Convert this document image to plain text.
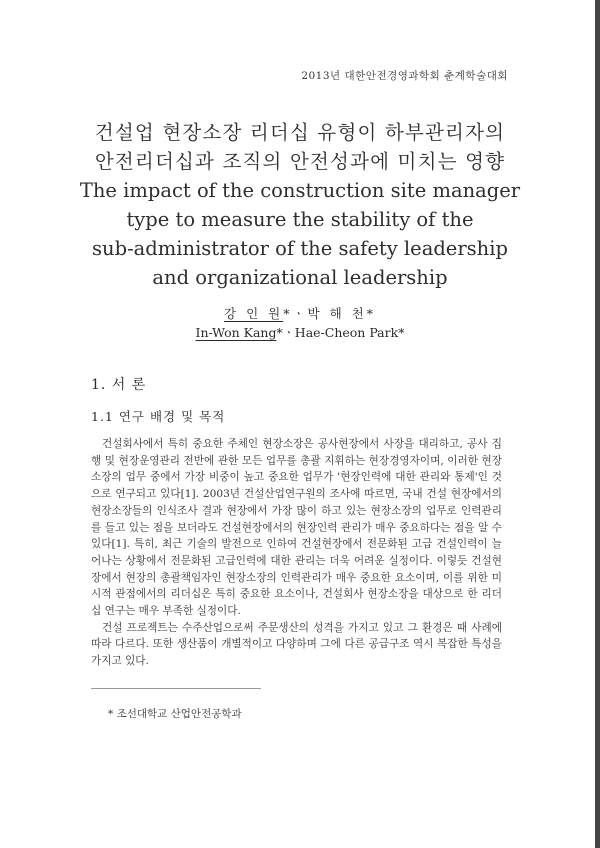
2013년 대한안전경영과학회 춘계학술대회
건설업 현장소장 리더십 유형이 하부관리자의
안전리더십과 조직의 안전성과에 미치는 영향
The impact of the construction site manager
type to measure the stability of the
sub-administrator of the safety leadership
and organizational leadership
강 인 원*ㆍ박 해 천*
In-Won Kang*ㆍHae-Cheon Park*
1. 서 론
1.1 연구 배경 및 목적

건설회사에서 특히 중요한 주체인 현장소장은 공사현장에서 사장을 대리하고, 공사 집행 및 현장운영관리 전반에 관한 모든 업무를 총괄 지휘하는 현장경영자이며, 이러한 현장소장의 업무 중에서 가장 비중이 높고 중요한 업무가 '현장인력에 대한 관리와 통제'인 것으로 연구되고 있다[1]. 2003년 건설산업연구원의 조사에 따르면, 국내 건설 현장에서의 현장소장들의 인식조사 결과 현장에서 가장 많이 하고 있는 현장소장의 업무로 인력관리를 들고 있는 점을 보더라도 건설현장에서의 현장인력 관리가 매우 중요하다는 점을 알 수 있다[1]. 특히, 최근 기술의 발전으로 인하여 건설현장에서 전문화된 고급 건설인력이 늘어나는 상황에서 전문화된 고급인력에 대한 관리는 더욱 어려운 실정이다. 이렇듯 건설현장에서 현장의 총괄책임자인 현장소장의 인력관리가 매우 중요한 요소이며, 이를 위한 미시적 관점에서의 리더십은 특히 중요한 요소이나, 건설회사 현장소장을 대상으로 한 리더십 연구는 매우 부족한 실정이다.

건설 프로젝트는 수주산업으로써 주문생산의 성격을 가지고 있고 그 환경은 때 사례에 따라 다르다. 또한 생산품이 개별적이고 다양하며 그에 다른 공급구조 역시 복잡한 특성을 가지고 있다.

* 조선대학교 산업안전공학과
